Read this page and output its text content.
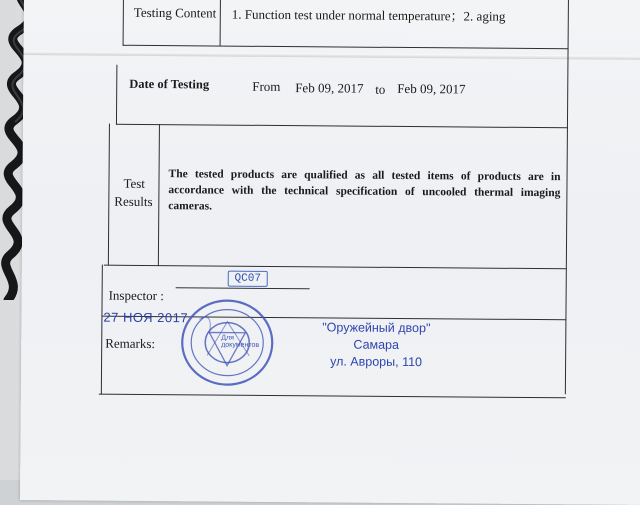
Testing Content 1. Function test under normal temperature；2. aging
Date of Testing	From Feb 09, 2017 to Feb 09, 2017
Test
Results
The tested products are qualified as all tested items of products are in accordance with the technical specification of uncooled thermal imaging cameras.
Inspector :
QC07
27 НОЯ 2017
Remarks:	Для
документов
"Оружейный двор"
Самара
ул. Авроры, 110
